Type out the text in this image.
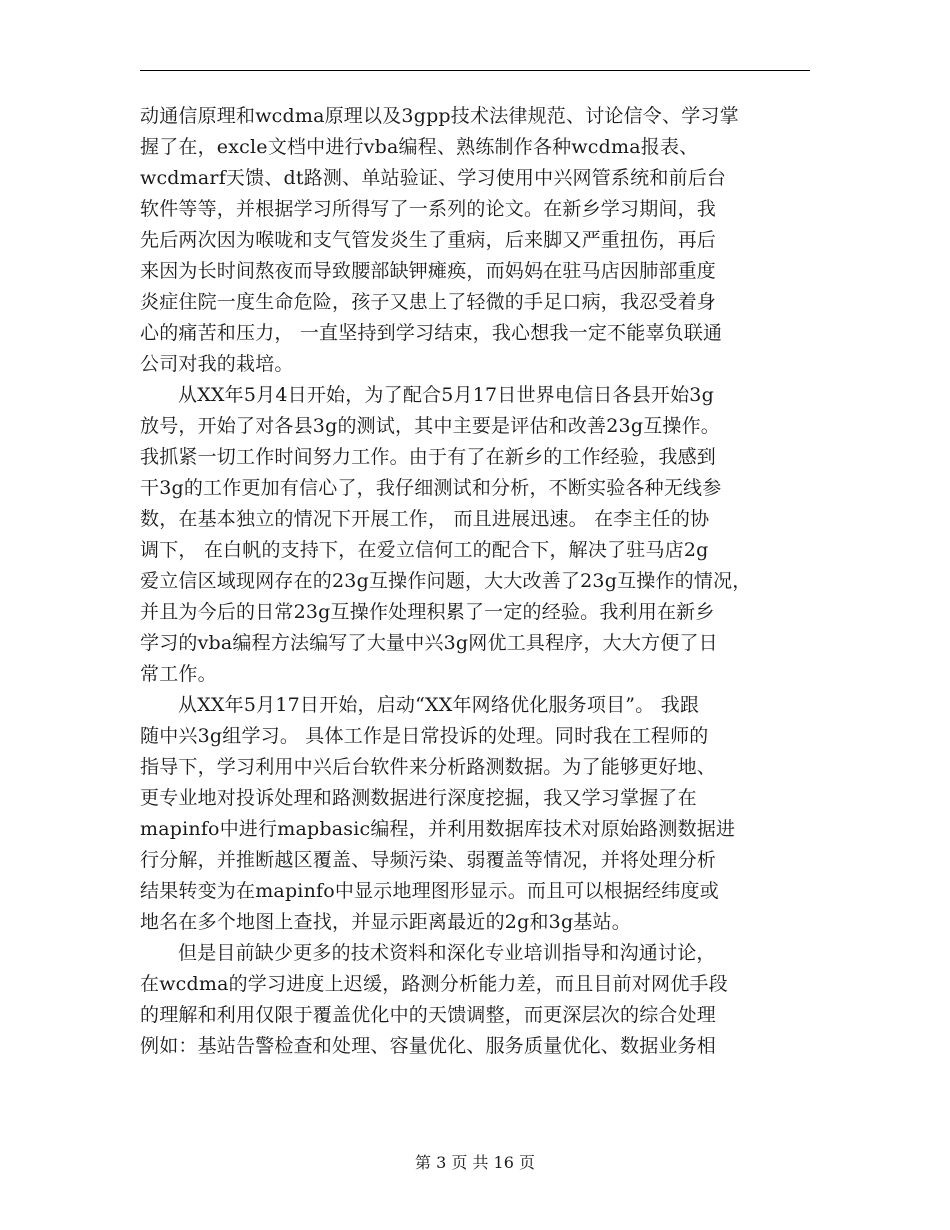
动通信原理和wcdma原理以及3gpp技术法律规范、讨论信令、学习掌
握了在，excle文档中进行vba编程、熟练制作各种wcdma报表、
wcdmarf天馈、dt路测、单站验证、学习使用中兴网管系统和前后台
软件等等，并根据学习所得写了一系列的论文。在新乡学习期间，我
先后两次因为喉咙和支气管发炎生了重病，后来脚又严重扭伤，再后
来因为长时间熬夜而导致腰部缺钾瘫痪，而妈妈在驻马店因肺部重度
炎症住院一度生命危险，孩子又患上了轻微的手足口病，我忍受着身
心的痛苦和压力， 一直坚持到学习结束，我心想我一定不能辜负联通
公司对我的栽培。
从XX年5月4日开始，为了配合5月17日世界电信日各县开始3g
放号，开始了对各县3g的测试，其中主要是评估和改善23g互操作。
我抓紧一切工作时间努力工作。由于有了在新乡的工作经验，我感到
干3g的工作更加有信心了，我仔细测试和分析，不断实验各种无线参
数，在基本独立的情况下开展工作， 而且进展迅速。 在李主任的协
调下， 在白帆的支持下，在爱立信何工的配合下，解决了驻马店2g
爱立信区域现网存在的23g互操作问题，大大改善了23g互操作的情况，
并且为今后的日常23g互操作处理积累了一定的经验。我利用在新乡
学习的vba编程方法编写了大量中兴3g网优工具程序，大大方便了日
常工作。
从XX年5月17日开始，启动“XX年网络优化服务项目”。 我跟
随中兴3g组学习。 具体工作是日常投诉的处理。同时我在工程师的
指导下，学习利用中兴后台软件来分析路测数据。为了能够更好地、
更专业地对投诉处理和路测数据进行深度挖掘，我又学习掌握了在
mapinfo中进行mapbasic编程，并利用数据库技术对原始路测数据进
行分解，并推断越区覆盖、导频污染、弱覆盖等情况，并将处理分析
结果转变为在mapinfo中显示地理图形显示。而且可以根据经纬度或
地名在多个地图上查找，并显示距离最近的2g和3g基站。
但是目前缺少更多的技术资料和深化专业培训指导和沟通讨论，
在wcdma的学习进度上迟缓，路测分析能力差，而且目前对网优手段
的理解和利用仅限于覆盖优化中的天馈调整，而更深层次的综合处理
例如：基站告警检查和处理、容量优化、服务质量优化、数据业务相
第 3 页 共 16 页
